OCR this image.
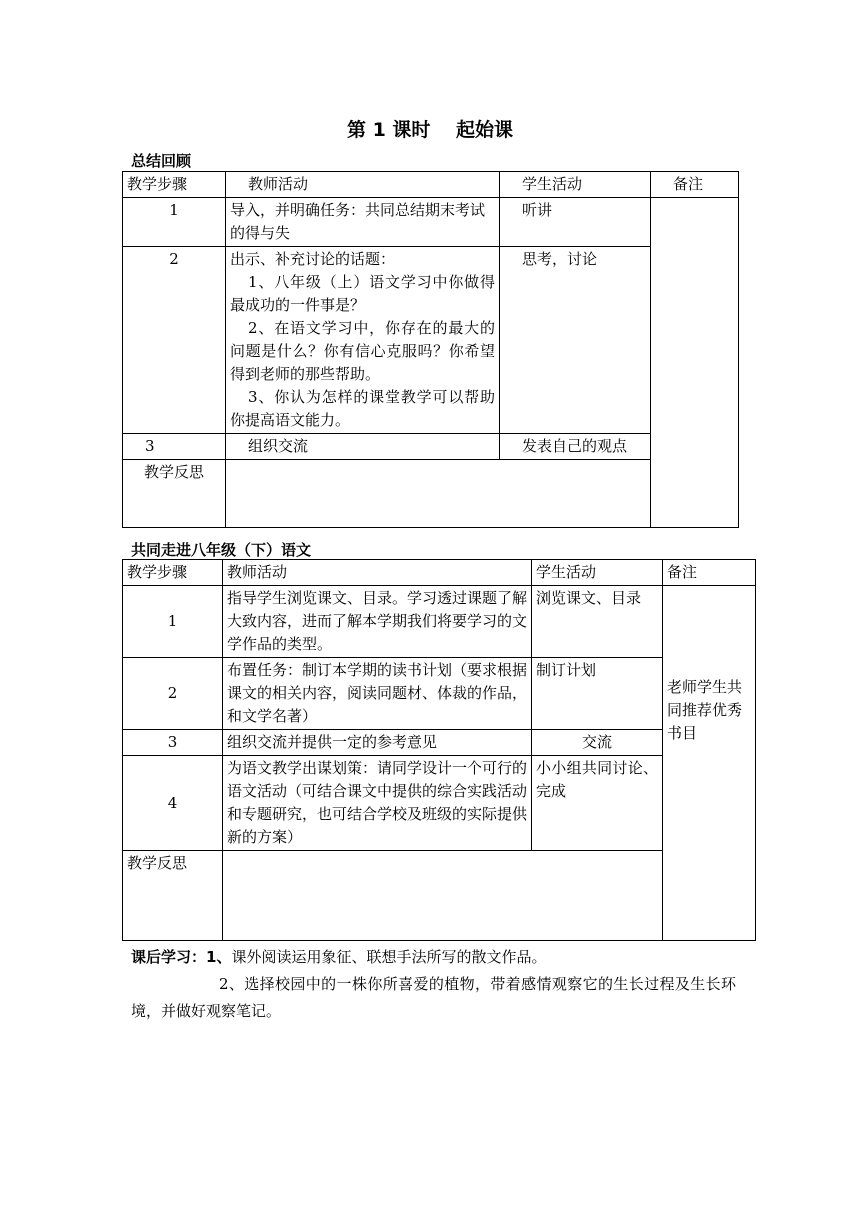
第 1 课时　 起始课
总结回顾
教学步骤	教师活动	学生活动	备注
1	导入，并明确任务：共同总结期末考试的得与失	听讲	
2	出示、补充讨论的话题：
1、八年级（上）语文学习中你做得最成功的一件事是？
2、在语文学习中，你存在的最大的问题是什么？你有信心克服吗？你希望得到老师的那些帮助。
3、你认为怎样的课堂教学可以帮助你提高语文能力。	思考，讨论	
3	组织交流	发表自己的观点	
教学反思			
共同走进八年级（下）语文
教学步骤	教师活动	学生活动	备注
1	指导学生浏览课文、目录。学习透过课题了解大致内容，进而了解本学期我们将要学习的文学作品的类型。	浏览课文、目录	老师学生共同推荐优秀书目
2	布置任务：制订本学期的读书计划（要求根据课文的相关内容，阅读同题材、体裁的作品，和文学名著）	制订计划	
3	组织交流并提供一定的参考意见	交流	
4	为语文教学出谋划策：请同学设计一个可行的语文活动（可结合课文中提供的综合实践活动和专题研究，也可结合学校及班级的实际提供新的方案）	小小组共同讨论、完成	
教学反思			

课后学习：1、课外阅读运用象征、联想手法所写的散文作品。

2、选择校园中的一株你所喜爱的植物，带着感情观察它的生长过程及生长环境，并做好观察笔记。
